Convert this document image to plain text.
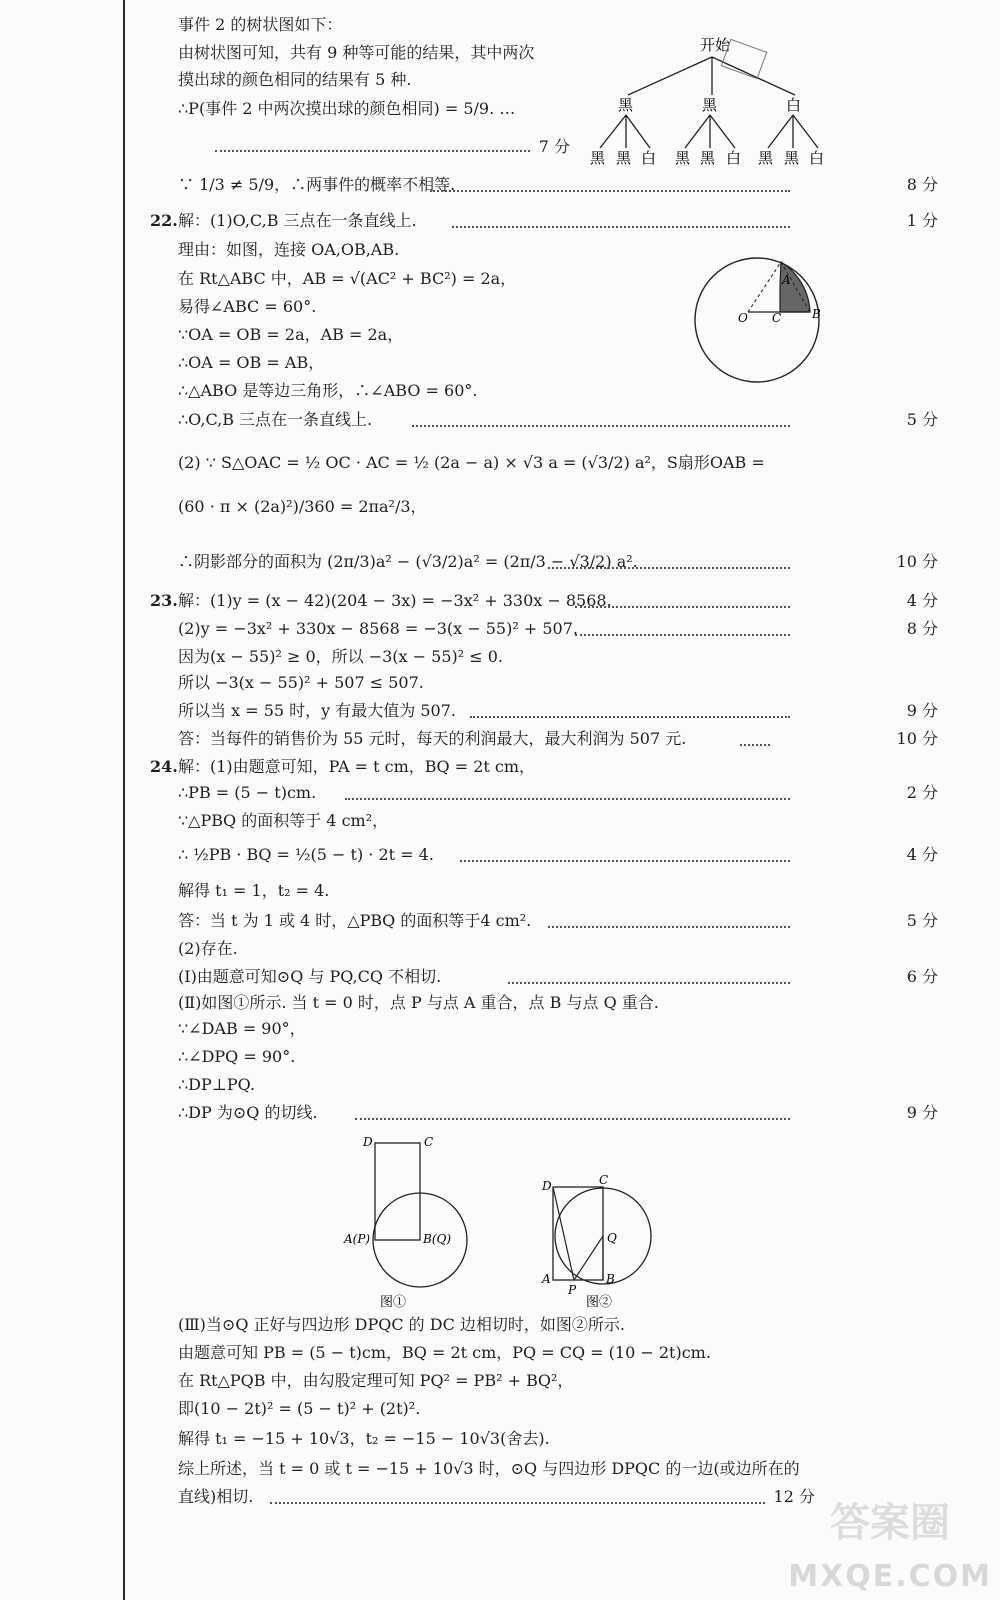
事件 2 的树状图如下：
由树状图可知，共有 9 种等可能的结果，其中两次
摸出球的颜色相同的结果有 5 种.
∴P(事件 2 中两次摸出球的颜色相同) = 5/9. …
∵ 1/3 ≠ 5/9，∴两事件的概率不相等.
22. 解：(1)O,C,B 三点在一条直线上.
理由：如图，连接 OA,OB,AB.
在 Rt△ABC 中，AB = √(AC² + BC²) = 2a，
易得∠ABC = 60°.
∵OA = OB = 2a，AB = 2a，
∴OA = OB = AB，
∴△ABO 是等边三角形，∴∠ABO = 60°.
∴O,C,B 三点在一条直线上.
(2) ∵ S△OAC = ½ OC · AC = ½ (2a − a) × √3 a = (√3/2) a²，S扇形OAB =
(60 · π × (2a)²)/360 = 2πa²/3，
∴阴影部分的面积为 (2π/3)a² − (√3/2)a² = (2π/3 − √3/2) a².
23. 解：(1)y = (x − 42)(204 − 3x) = −3x² + 330x − 8568.
(2)y = −3x² + 330x − 8568 = −3(x − 55)² + 507.
因为(x − 55)² ≥ 0，所以 −3(x − 55)² ≤ 0.
所以 −3(x − 55)² + 507 ≤ 507.
所以当 x = 55 时，y 有最大值为 507.
答：当每件的销售价为 55 元时，每天的利润最大，最大利润为 507 元.
24. 解：(1)由题意可知，PA = t cm，BQ = 2t cm，
∴PB = (5 − t)cm.
∵△PBQ 的面积等于 4 cm²，
∴ ½PB · BQ = ½(5 − t) · 2t = 4.
解得 t₁ = 1，t₂ = 4.
答：当 t 为 1 或 4 时，△PBQ 的面积等于4 cm².
(2)存在.
(Ⅰ)由题意可知⊙Q 与 PQ,CQ 不相切.
(Ⅱ)如图①所示. 当 t = 0 时，点 P 与点 A 重合，点 B 与点 Q 重合.
∵∠DAB = 90°，
∴∠DPQ = 90°.
∴DP⊥PQ.
∴DP 为⊙Q 的切线.
(Ⅲ)当⊙Q 正好与四边形 DPQC 的 DC 边相切时，如图②所示.
由题意可知 PB = (5 − t)cm，BQ = 2t cm，PQ = CQ = (10 − 2t)cm.
在 Rt△PQB 中，由勾股定理可知 PQ² = PB² + BQ²，
即(10 − 2t)² = (5 − t)² + (2t)².
解得 t₁ = −15 + 10√3，t₂ = −15 − 10√3(舍去).
综上所述，当 t = 0 或 t = −15 + 10√3 时，⊙Q 与四边形 DPQC 的一边(或边所在的
直线)相切.
7 分
8 分
1 分
5 分
10 分
4 分
8 分
9 分
10 分
2 分
4 分
5 分
6 分
9 分
12 分
开始
黑	黑	白
黑 黑 白 黑 黑 白 黑 黑 白
A
O C	B
D	C
A(P)	B(Q)
图①
D	C
Q
A
P
B
图②
答案圈
MXQE.COM
